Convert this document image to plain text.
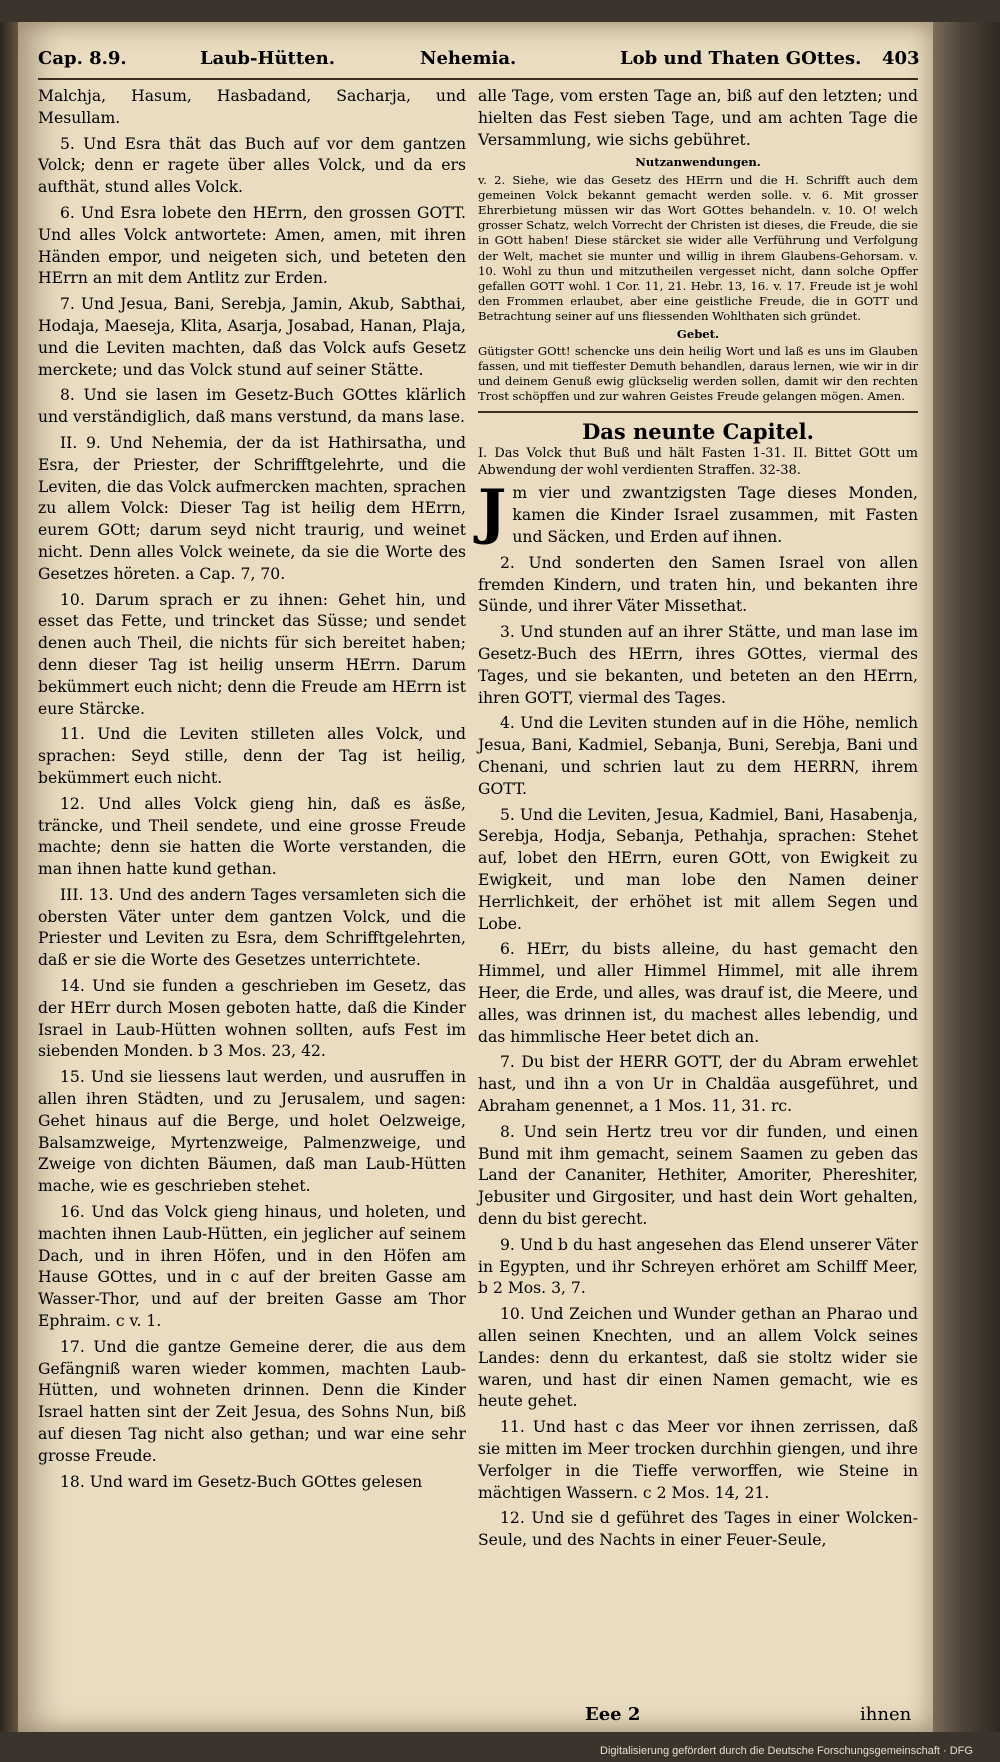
Cap. 8.9.	Laub-Hütten.	Nehemia.	Lob und Thaten GOttes. 403

Malchja, Hasum, Hasbadand, Sacharja, und Mesullam.

5. Und Esra thät das Buch auf vor dem gantzen Volck; denn er ragete über alles Volck, und da ers aufthät, stund alles Volck.

6. Und Esra lobete den HErrn, den grossen GOTT. Und alles Volck antwortete: Amen, amen, mit ihren Händen empor, und neigeten sich, und beteten den HErrn an mit dem Antlitz zur Erden.

7. Und Jesua, Bani, Serebja, Jamin, Akub, Sabthai, Hodaja, Maeseja, Klita, Asarja, Josabad, Hanan, Plaja, und die Leviten machten, daß das Volck aufs Gesetz merckete; und das Volck stund auf seiner Stätte.

8. Und sie lasen im Gesetz-Buch GOttes klärlich und verständiglich, daß mans verstund, da mans lase.

II. 9. Und Nehemia, der da ist Hathirsatha, und Esra, der Priester, der Schrifftgelehrte, und die Leviten, die das Volck aufmercken machten, sprachen zu allem Volck: Dieser Tag ist heilig dem HErrn, eurem GOtt; darum seyd nicht traurig, und weinet nicht. Denn alles Volck weinete, da sie die Worte des Gesetzes höreten. a Cap. 7, 70.

10. Darum sprach er zu ihnen: Gehet hin, und esset das Fette, und trincket das Süsse; und sendet denen auch Theil, die nichts für sich bereitet haben; denn dieser Tag ist heilig unserm HErrn. Darum bekümmert euch nicht; denn die Freude am HErrn ist eure Stärcke.

11. Und die Leviten stilleten alles Volck, und sprachen: Seyd stille, denn der Tag ist heilig, bekümmert euch nicht.

12. Und alles Volck gieng hin, daß es äsße, träncke, und Theil sendete, und eine grosse Freude machte; denn sie hatten die Worte verstanden, die man ihnen hatte kund gethan.

III. 13. Und des andern Tages versamleten sich die obersten Väter unter dem gantzen Volck, und die Priester und Leviten zu Esra, dem Schrifftgelehrten, daß er sie die Worte des Gesetzes unterrichtete.

14. Und sie funden a geschrieben im Gesetz, das der HErr durch Mosen geboten hatte, daß die Kinder Israel in Laub-Hütten wohnen sollten, aufs Fest im siebenden Monden. b 3 Mos. 23, 42.

15. Und sie liessens laut werden, und ausruffen in allen ihren Städten, und zu Jerusalem, und sagen: Gehet hinaus auf die Berge, und holet Oelzweige, Balsamzweige, Myrtenzweige, Palmenzweige, und Zweige von dichten Bäumen, daß man Laub-Hütten mache, wie es geschrieben stehet.

16. Und das Volck gieng hinaus, und holeten, und machten ihnen Laub-Hütten, ein jeglicher auf seinem Dach, und in ihren Höfen, und in den Höfen am Hause GOttes, und in c auf der breiten Gasse am Wasser-Thor, und auf der breiten Gasse am Thor Ephraim. c v. 1.

17. Und die gantze Gemeine derer, die aus dem Gefängniß waren wieder kommen, machten Laub-Hütten, und wohneten drinnen. Denn die Kinder Israel hatten sint der Zeit Jesua, des Sohns Nun, biß auf diesen Tag nicht also gethan; und war eine sehr grosse Freude.

18. Und ward im Gesetz-Buch GOttes gelesen

alle Tage, vom ersten Tage an, biß auf den letzten; und hielten das Fest sieben Tage, und am achten Tage die Versammlung, wie sichs gebühret.

Nutzanwendungen.

v. 2. Siehe, wie das Gesetz des HErrn und die H. Schrifft auch dem gemeinen Volck bekannt gemacht werden solle. v. 6. Mit grosser Ehrerbietung müssen wir das Wort GOttes behandeln. v. 10. O! welch grosser Schatz, welch Vorrecht der Christen ist dieses, die Freude, die sie in GOtt haben! Diese stärcket sie wider alle Verführung und Verfolgung der Welt, machet sie munter und willig in ihrem Glaubens-Gehorsam. v. 10. Wohl zu thun und mitzutheilen vergesset nicht, dann solche Opffer gefallen GOTT wohl. 1 Cor. 11, 21. Hebr. 13, 16. v. 17. Freude ist je wohl den Frommen erlaubet, aber eine geistliche Freude, die in GOTT und Betrachtung seiner auf uns fliessenden Wohlthaten sich gründet.

Gebet.

Gütigster GOtt! schencke uns dein heilig Wort und laß es uns im Glauben fassen, und mit tieffester Demuth behandlen, daraus lernen, wie wir in dir und deinem Genuß ewig glückselig werden sollen, damit wir den rechten Trost schöpffen und zur wahren Geistes Freude gelangen mögen. Amen.

Das neunte Capitel.

I. Das Volck thut Buß und hält Fasten 1-31. II. Bittet GOtt um Abwendung der wohl verdienten Straffen. 32-38.

J m vier und zwantzigsten Tage dieses Monden, kamen die Kinder Israel zusammen, mit Fasten und Säcken, und Erden auf ihnen.

2. Und sonderten den Samen Israel von allen fremden Kindern, und traten hin, und bekanten ihre Sünde, und ihrer Väter Missethat.

3. Und stunden auf an ihrer Stätte, und man lase im Gesetz-Buch des HErrn, ihres GOttes, viermal des Tages, und sie bekanten, und beteten an den HErrn, ihren GOTT, viermal des Tages.

4. Und die Leviten stunden auf in die Höhe, nemlich Jesua, Bani, Kadmiel, Sebanja, Buni, Serebja, Bani und Chenani, und schrien laut zu dem HERRN, ihrem GOTT.

5. Und die Leviten, Jesua, Kadmiel, Bani, Hasabenja, Serebja, Hodja, Sebanja, Pethahja, sprachen: Stehet auf, lobet den HErrn, euren GOtt, von Ewigkeit zu Ewigkeit, und man lobe den Namen deiner Herrlichkeit, der erhöhet ist mit allem Segen und Lobe.

6. HErr, du bists alleine, du hast gemacht den Himmel, und aller Himmel Himmel, mit alle ihrem Heer, die Erde, und alles, was drauf ist, die Meere, und alles, was drinnen ist, du machest alles lebendig, und das himmlische Heer betet dich an.

7. Du bist der HERR GOTT, der du Abram erwehlet hast, und ihn a von Ur in Chaldäa ausgeführet, und Abraham genennet, a 1 Mos. 11, 31. rc.

8. Und sein Hertz treu vor dir funden, und einen Bund mit ihm gemacht, seinem Saamen zu geben das Land der Cananiter, Hethiter, Amoriter, Phereshiter, Jebusiter und Girgositer, und hast dein Wort gehalten, denn du bist gerecht.

9. Und b du hast angesehen das Elend unserer Väter in Egypten, und ihr Schreyen erhöret am Schilff Meer, b 2 Mos. 3, 7.

10. Und Zeichen und Wunder gethan an Pharao und allen seinen Knechten, und an allem Volck seines Landes: denn du erkantest, daß sie stoltz wider sie waren, und hast dir einen Namen gemacht, wie es heute gehet.

11. Und hast c das Meer vor ihnen zerrissen, daß sie mitten im Meer trocken durchhin giengen, und ihre Verfolger in die Tieffe verworffen, wie Steine in mächtigen Wassern. c 2 Mos. 14, 21.

12. Und sie d geführet des Tages in einer Wolcken-Seule, und des Nachts in einer Feuer-Seule,

Eee 2	ihnen
Digitalisierung gefördert durch die Deutsche Forschungsgemeinschaft · DFG
